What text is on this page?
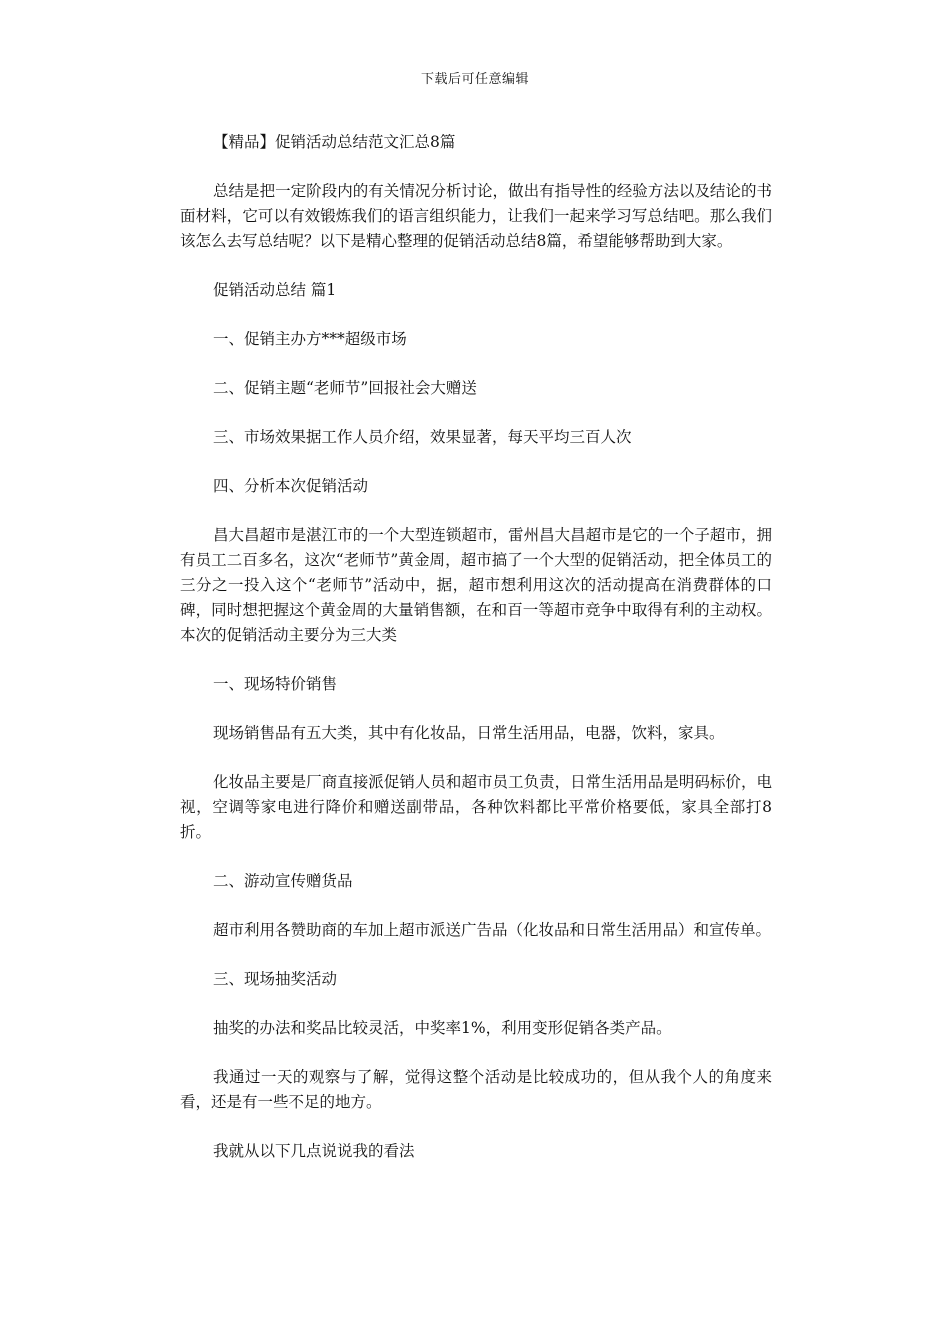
下载后可任意编辑

【精品】促销活动总结范文汇总8篇

总结是把一定阶段内的有关情况分析讨论，做出有指导性的经验方法以及结论的书面材料，它可以有效锻炼我们的语言组织能力，让我们一起来学习写总结吧。那么我们该怎么去写总结呢？以下是精心整理的促销活动总结8篇，希望能够帮助到大家。

促销活动总结 篇1

一、促销主办方***超级市场

二、促销主题“老师节”回报社会大赠送

三、市场效果据工作人员介绍，效果显著，每天平均三百人次

四、分析本次促销活动

昌大昌超市是湛江市的一个大型连锁超市，雷州昌大昌超市是它的一个子超市，拥有员工二百多名，这次“老师节”黄金周，超市搞了一个大型的促销活动，把全体员工的三分之一投入这个“老师节”活动中，据，超市想利用这次的活动提高在消费群体的口碑，同时想把握这个黄金周的大量销售额，在和百一等超市竞争中取得有利的主动权。本次的促销活动主要分为三大类

一、现场特价销售

现场销售品有五大类，其中有化妆品，日常生活用品，电器，饮料，家具。

化妆品主要是厂商直接派促销人员和超市员工负责，日常生活用品是明码标价，电视，空调等家电进行降价和赠送副带品，各种饮料都比平常价格要低，家具全部打8折。

二、游动宣传赠货品

超市利用各赞助商的车加上超市派送广告品（化妆品和日常生活用品）和宣传单。

三、现场抽奖活动

抽奖的办法和奖品比较灵活，中奖率1%，利用变形促销各类产品。

我通过一天的观察与了解，觉得这整个活动是比较成功的，但从我个人的角度来看，还是有一些不足的地方。

我就从以下几点说说我的看法
